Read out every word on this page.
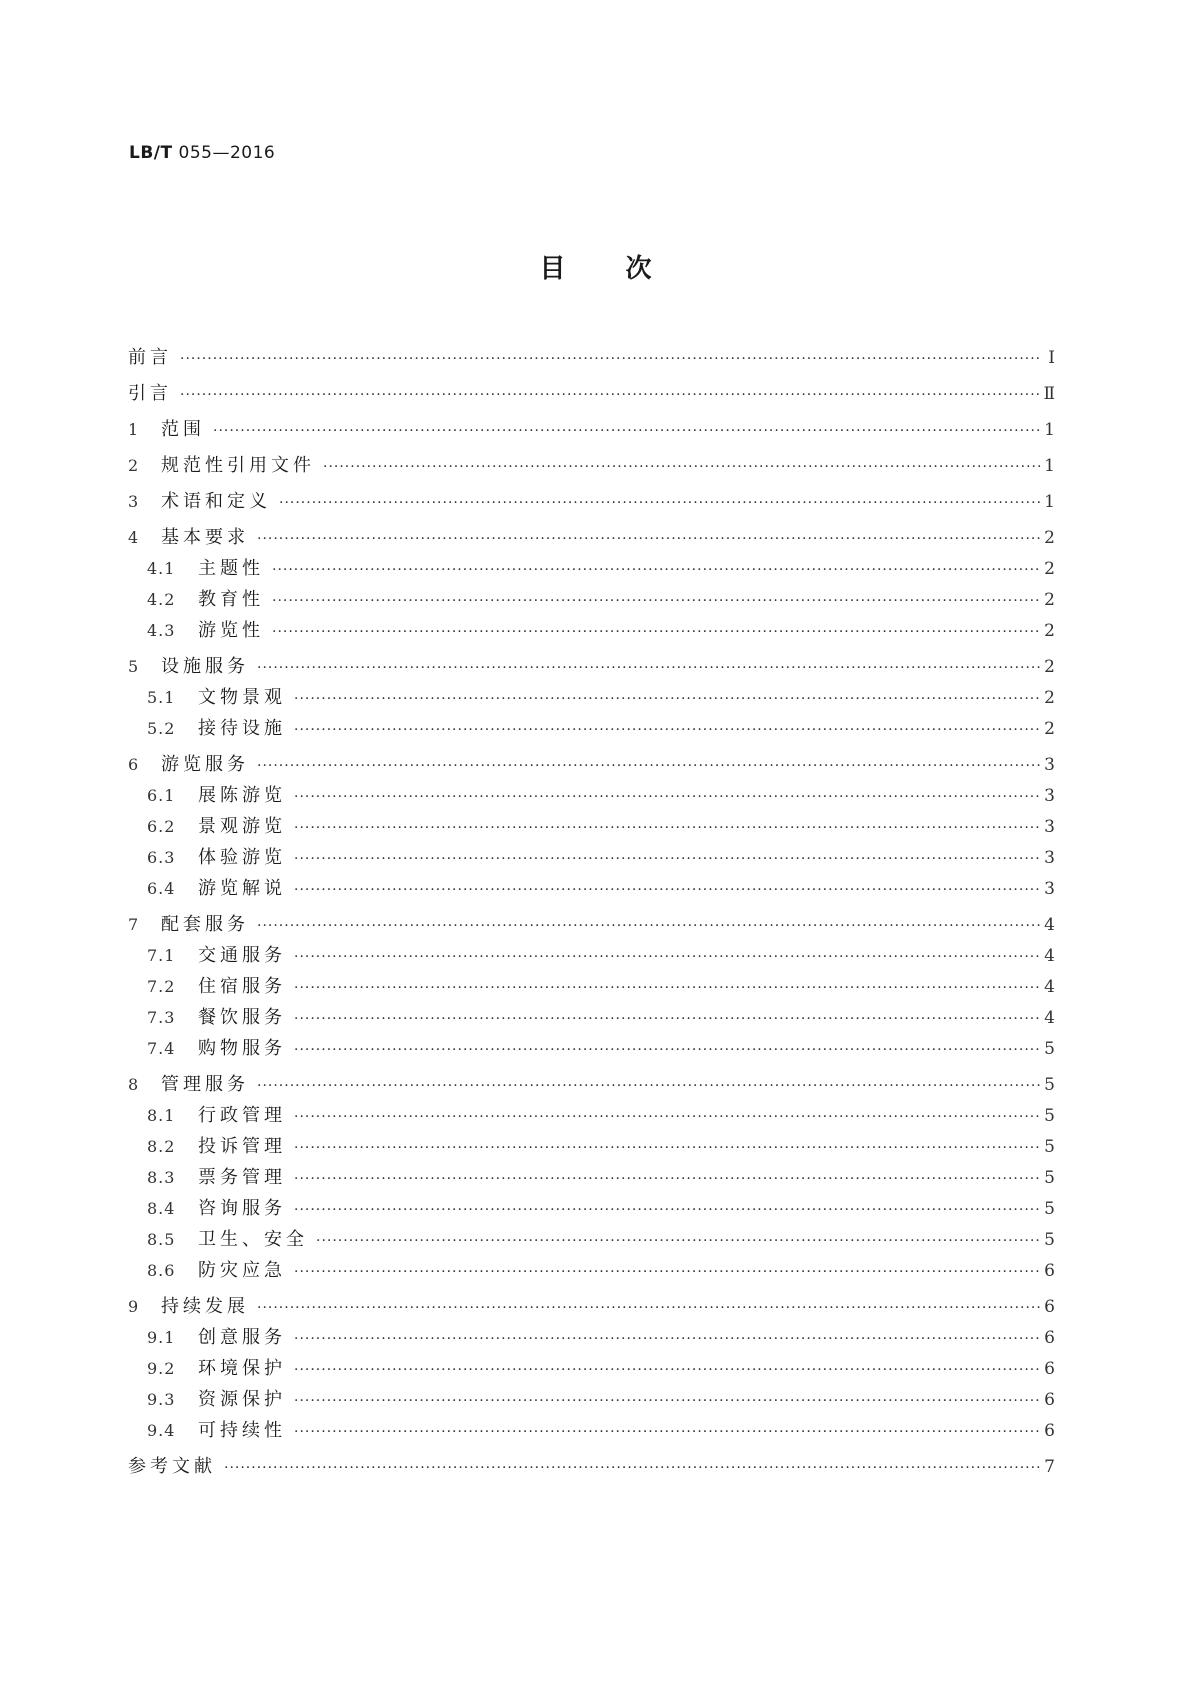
LB/T 055—2016
目次
前言 ·····	Ⅰ
引言 ·····	Ⅱ
1	范围 ·····	1
2	规范性引用文件 ·····	1
3	术语和定义 ·····	1
4	基本要求 ·····	2
4.1	主题性 ·····	2
4.2	教育性 ·····	2
4.3	游览性 ·····	2
5	设施服务 ·····	2
5.1	文物景观 ·····	2
5.2	接待设施 ·····	2
6	游览服务 ·····	3
6.1	展陈游览 ·····	3
6.2	景观游览 ·····	3
6.3	体验游览 ·····	3
6.4	游览解说 ·····	3
7	配套服务 ·····	4
7.1	交通服务 ·····	4
7.2	住宿服务 ·····	4
7.3	餐饮服务 ·····	4
7.4	购物服务 ·····	5
8	管理服务 ·····	5
8.1	行政管理 ·····	5
8.2	投诉管理 ·····	5
8.3	票务管理 ·····	5
8.4	咨询服务 ·····	5
8.5	卫生、安全 ·····	5
8.6	防灾应急 ·····	6
9	持续发展 ·····	6
9.1	创意服务 ·····	6
9.2	环境保护 ·····	6
9.3	资源保护 ·····	6
9.4	可持续性 ·····	6
参考文献 ·····	7
